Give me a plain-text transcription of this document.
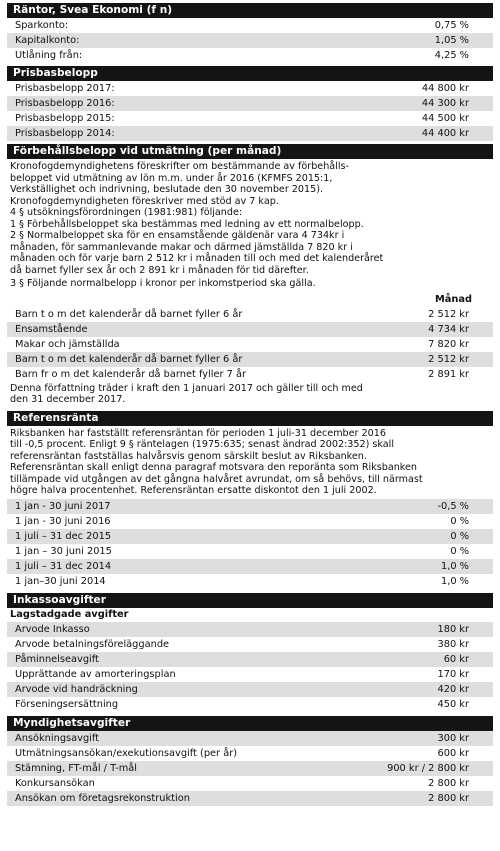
Räntor, Svea Ekonomi (f n)
Sparkonto:	0,75 %
Kapitalkonto:	1,05 %
Utlåning från:	4,25 %
Prisbasbelopp
Prisbasbelopp 2017:	44 800 kr
Prisbasbelopp 2016:	44 300 kr
Prisbasbelopp 2015:	44 500 kr
Prisbasbelopp 2014:	44 400 kr
Förbehållsbelopp vid utmätning (per månad)
Kronofogdemyndighetens föreskrifter om bestämmande av förbehålls-
beloppet vid utmätning av lön m.m. under år 2016 (KFMFS 2015:1,
Verkställighet och indrivning, beslutade den 30 november 2015).
Kronofogdemyndigheten föreskriver med stöd av 7 kap.
4 § utsökningsförordningen (1981:981) följande:
1 § Förbehållsbeloppet ska bestämmas med ledning av ett normalbelopp.
2 § Normalbeloppet ska för en ensamstående gäldenär vara 4 734kr i
månaden, för sammanlevande makar och därmed jämställda 7 820 kr i
månaden och för varje barn 2 512 kr i månaden till och med det kalenderåret
då barnet fyller sex år och 2 891 kr i månaden för tid därefter.
3 § Följande normalbelopp i kronor per inkomstperiod ska gälla.
Månad
Barn t o m det kalenderår då barnet fyller 6 år	2 512 kr
Ensamstående	4 734 kr
Makar och jämställda	7 820 kr
Barn t o m det kalenderår då barnet fyller 6 år	2 512 kr
Barn fr o m det kalenderår då barnet fyller 7 år	2 891 kr
Denna författning träder i kraft den 1 januari 2017 och gäller till och med
den 31 december 2017.
Referensränta
Riksbanken har fastställt referensräntan för perioden 1 juli-31 december 2016
till -0,5 procent. Enligt 9 § räntelagen (1975:635; senast ändrad 2002:352) skall
referensräntan fastställas halvårsvis genom särskilt beslut av Riksbanken.
Referensräntan skall enligt denna paragraf motsvara den reporänta som Riksbanken
tillämpade vid utgången av det gångna halvåret avrundat, om så behövs, till närmast
högre halva procentenhet. Referensräntan ersatte diskontot den 1 juli 2002.
1 jan - 30 juni 2017	-0,5 %
1 jan - 30 juni 2016	0 %
1 juli – 31 dec 2015	0 %
1 jan – 30 juni 2015	0 %
1 juli – 31 dec 2014	1,0 %
1 jan–30 juni 2014	1,0 %
Inkassoavgifter
Lagstadgade avgifter
Arvode Inkasso	180 kr
Arvode betalningsföreläggande	380 kr
Påminnelseavgift	60 kr
Upprättande av amorteringsplan	170 kr
Arvode vid handräckning	420 kr
Förseningsersättning	450 kr
Myndighetsavgifter
Ansökningsavgift	300 kr
Utmätningsansökan/exekutionsavgift (per år)	600 kr
Stämning, FT-mål / T-mål	900 kr / 2 800 kr
Konkursansökan	2 800 kr
Ansökan om företagsrekonstruktion	2 800 kr
